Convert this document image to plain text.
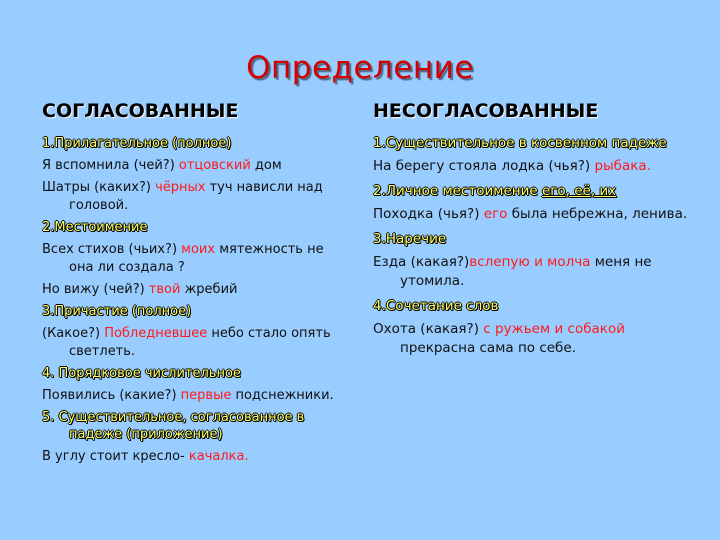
Определение
СОГЛАСОВАННЫЕ
1.Прилагательное (полное)
Я вспомнила (чей?) отцовский дом
Шатры (каких?) чёрных туч нависли над головой.
2.Местоимение
Всех стихов (чьих?) моих мятежность не она ли создала ?
Но вижу (чей?) твой жребий
3.Причастие (полное)
(Какое?) Побледневшее небо стало опять светлеть.
4. Порядковое числительное
Появились (какие?) первые подснежники.
5. Существительное, согласованное в падеже (приложение)
В углу стоит кресло- качалка.
НЕСОГЛАСОВАННЫЕ
1.Существительное в косвенном падеже
На берегу стояла лодка (чья?) рыбака.
2.Личное местоимение его, её, их
Походка (чья?) его была небрежна, ленива.
3.Наречие
Езда (какая?)вслепую и молча меня не утомила.
4.Сочетание слов
Охота (какая?) с ружьем и собакой прекрасна сама по себе.
